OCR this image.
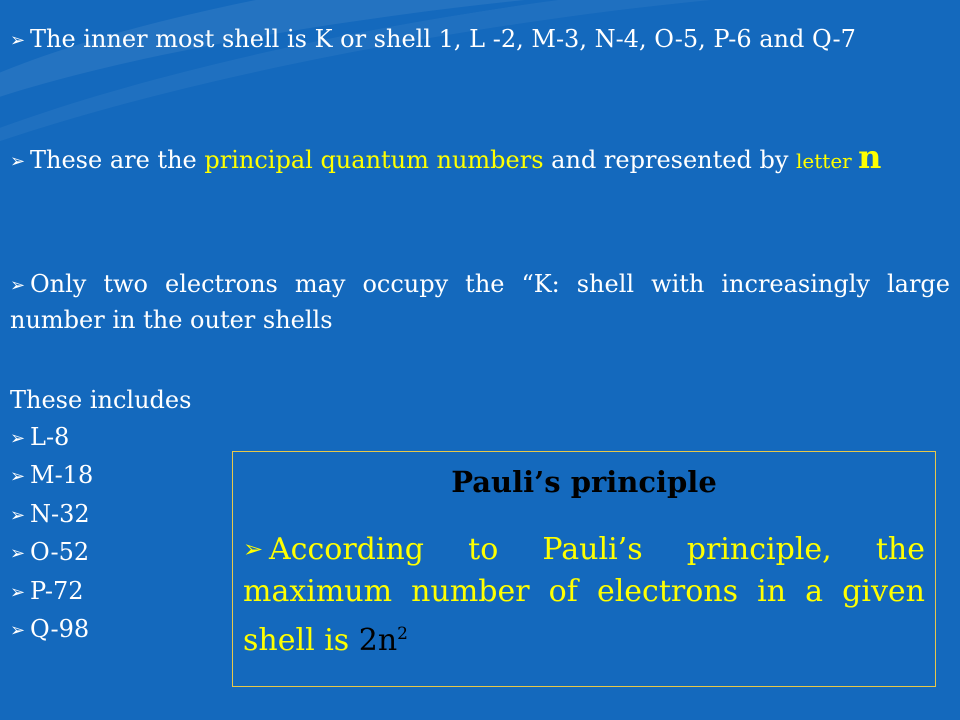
➢ The inner most shell is K or shell 1, L -2, M-3, N-4, O-5, P-6 and Q-7
➢ These are the principal quantum numbers and represented by letter n
➢ Only two electrons may occupy the “K: shell with increasingly large number in the outer shells
These includes
➢ L-8
➢ M-18
➢ N-32
➢ O-52
➢ P-72
➢ Q-98
Pauli’s principle
➢ According to Pauli’s principle, the maximum number of electrons in a given shell is $2n^2$
